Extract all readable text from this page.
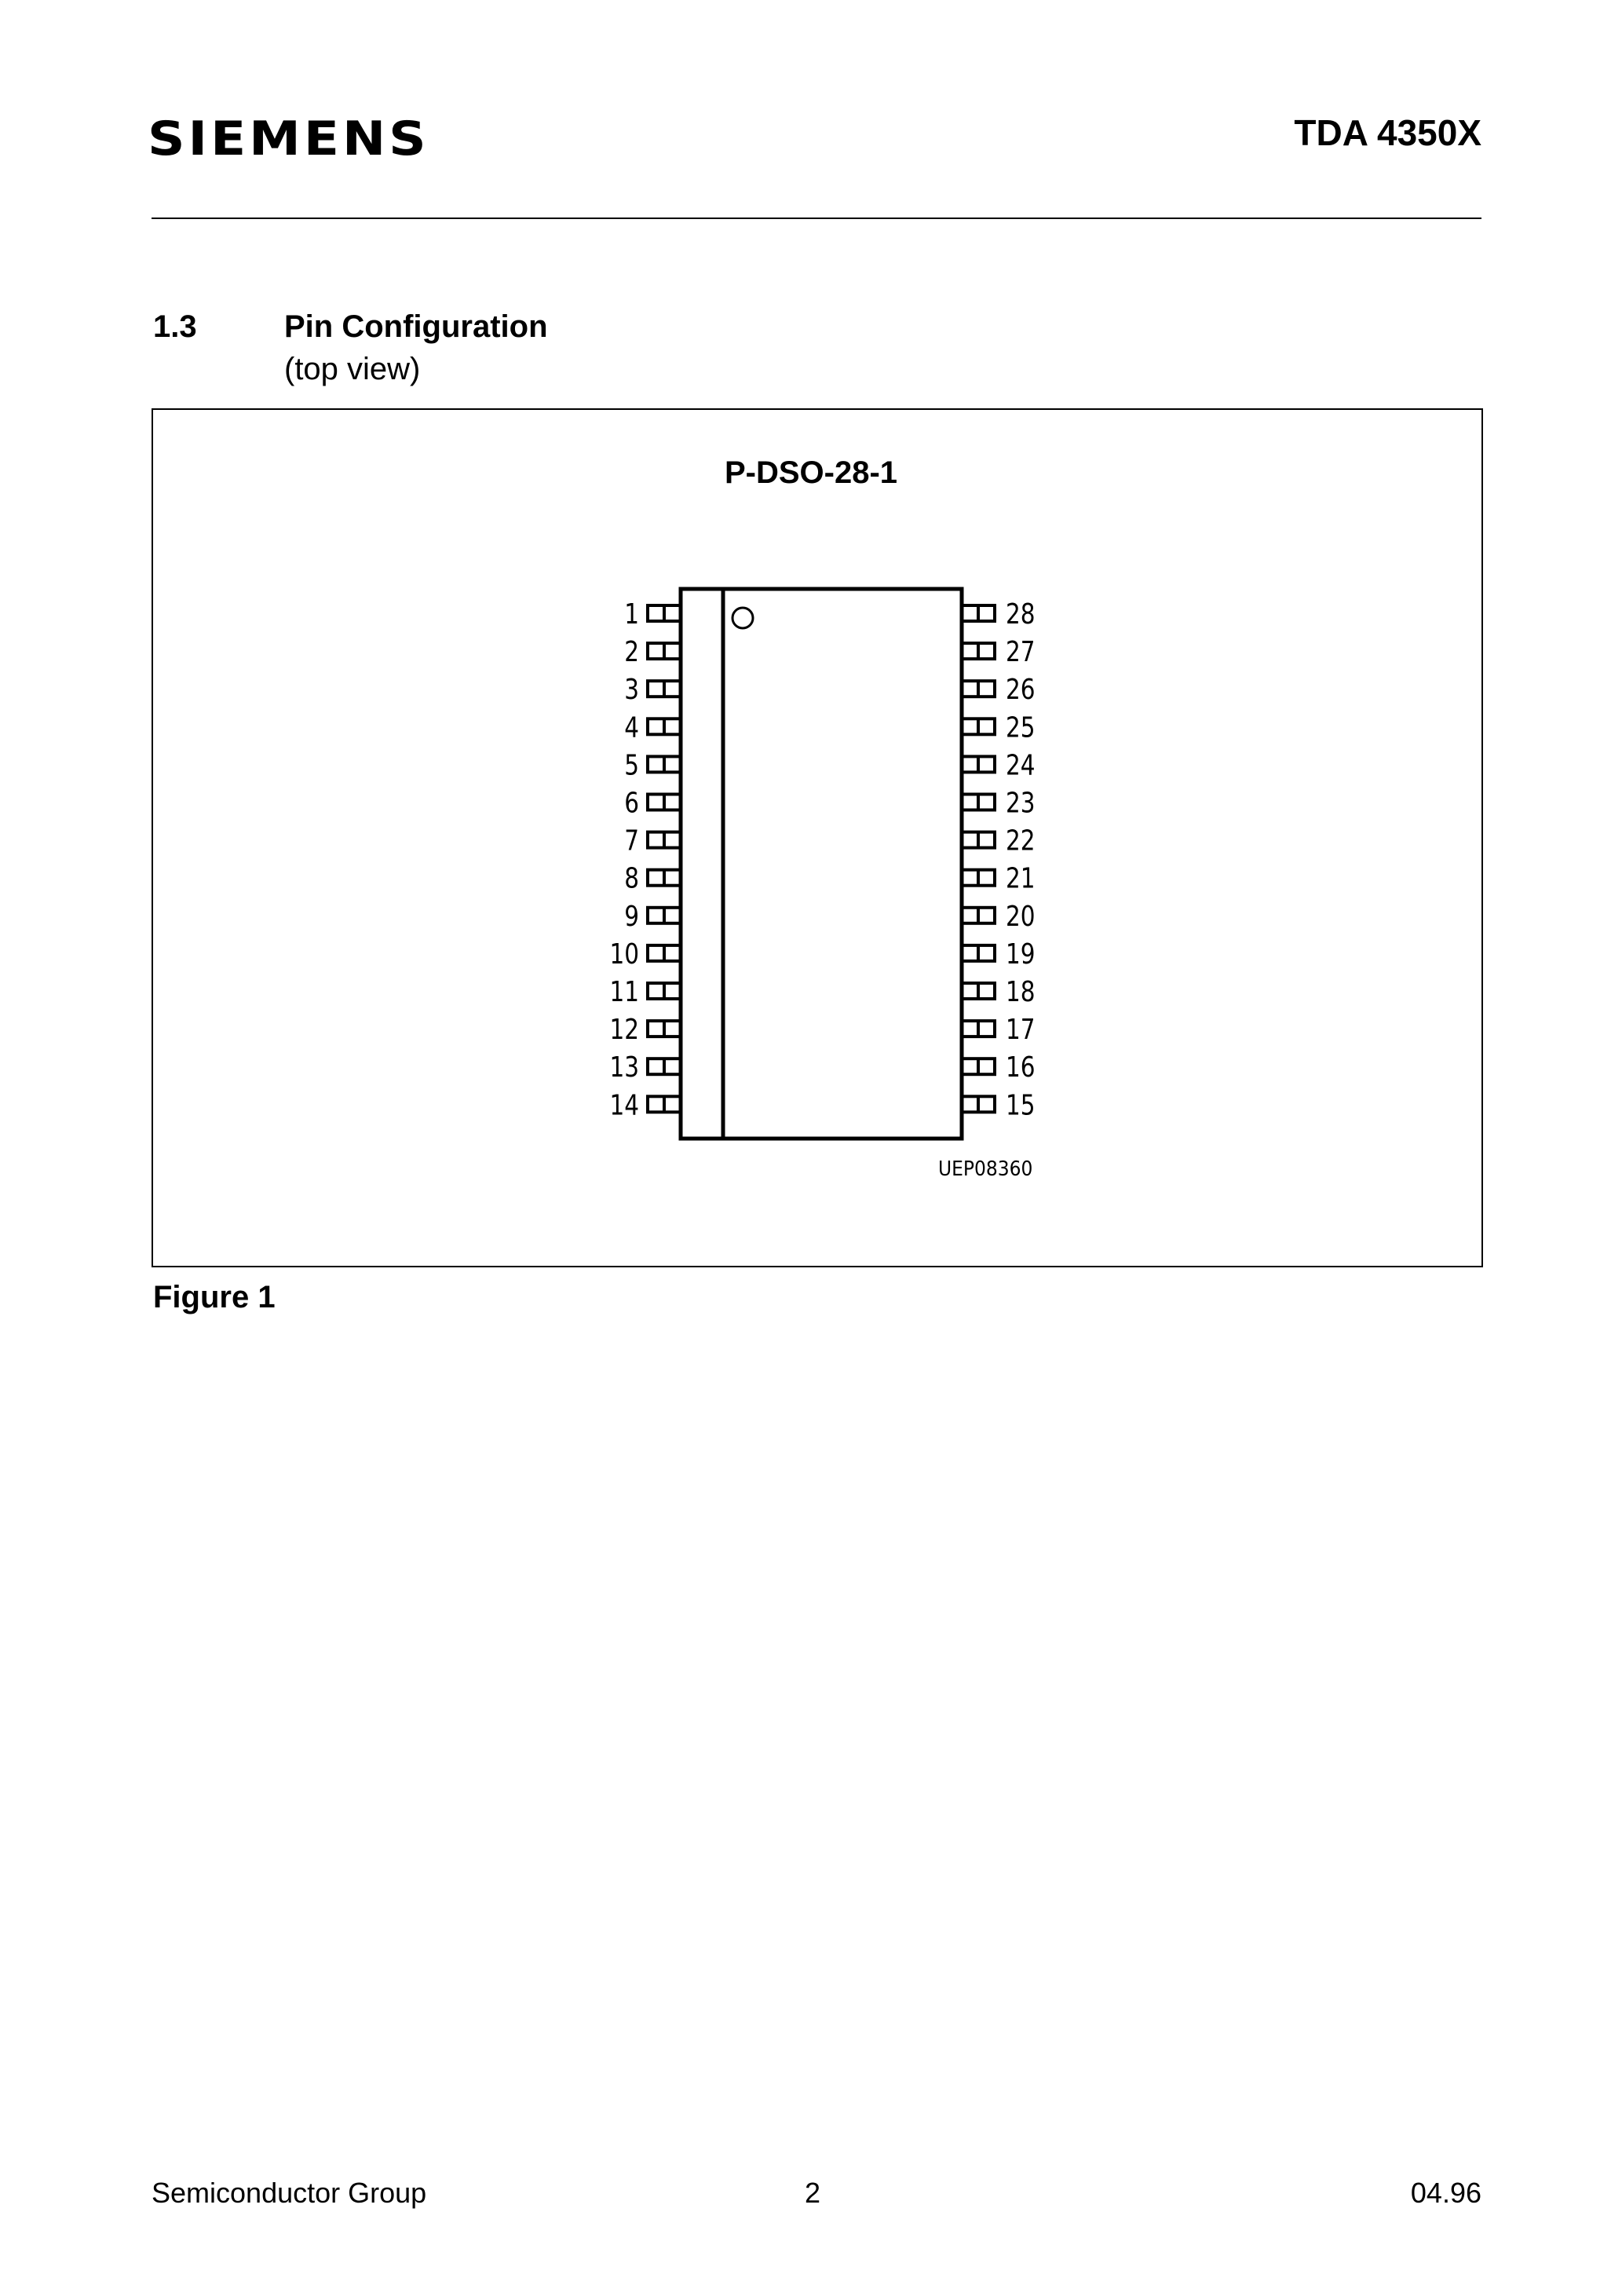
SIEMENS	TDA 4350X
1.3	Pin Configuration
(top view)
P-DSO-28-1
1	28
2	27
3	26
4	25
5	24
6	23
7	22
8	21
9	20
10	19
11	18
12	17
13	16
14	15
UEP08360
Figure 1
Semiconductor Group	2	04.96
